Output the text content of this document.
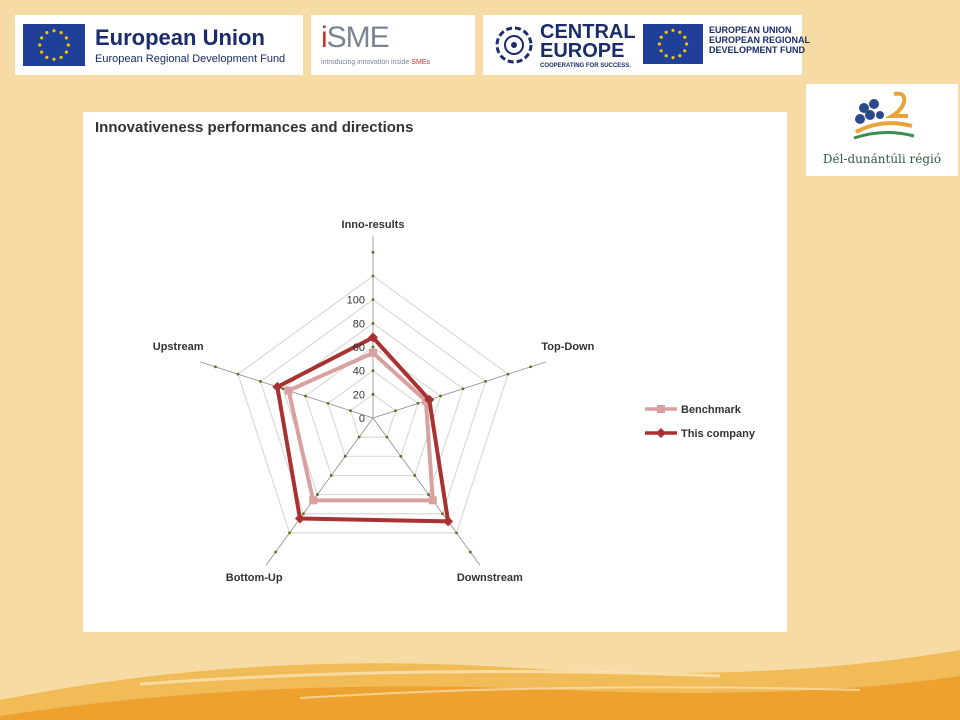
European Union
European Regional Development Fund
iSME
introducing innovation inside SMEs
CENTRAL
EUROPE
COOPERATING FOR SUCCESS.
EUROPEAN UNION
EUROPEAN REGIONAL
DEVELOPMENT FUND
Dél-dunántúli régió
Innovativeness performances and directions
0
20
40
60
80
100
Inno-results
Top-Down
Downstream
Bottom-Up
Upstream
Benchmark
This company
